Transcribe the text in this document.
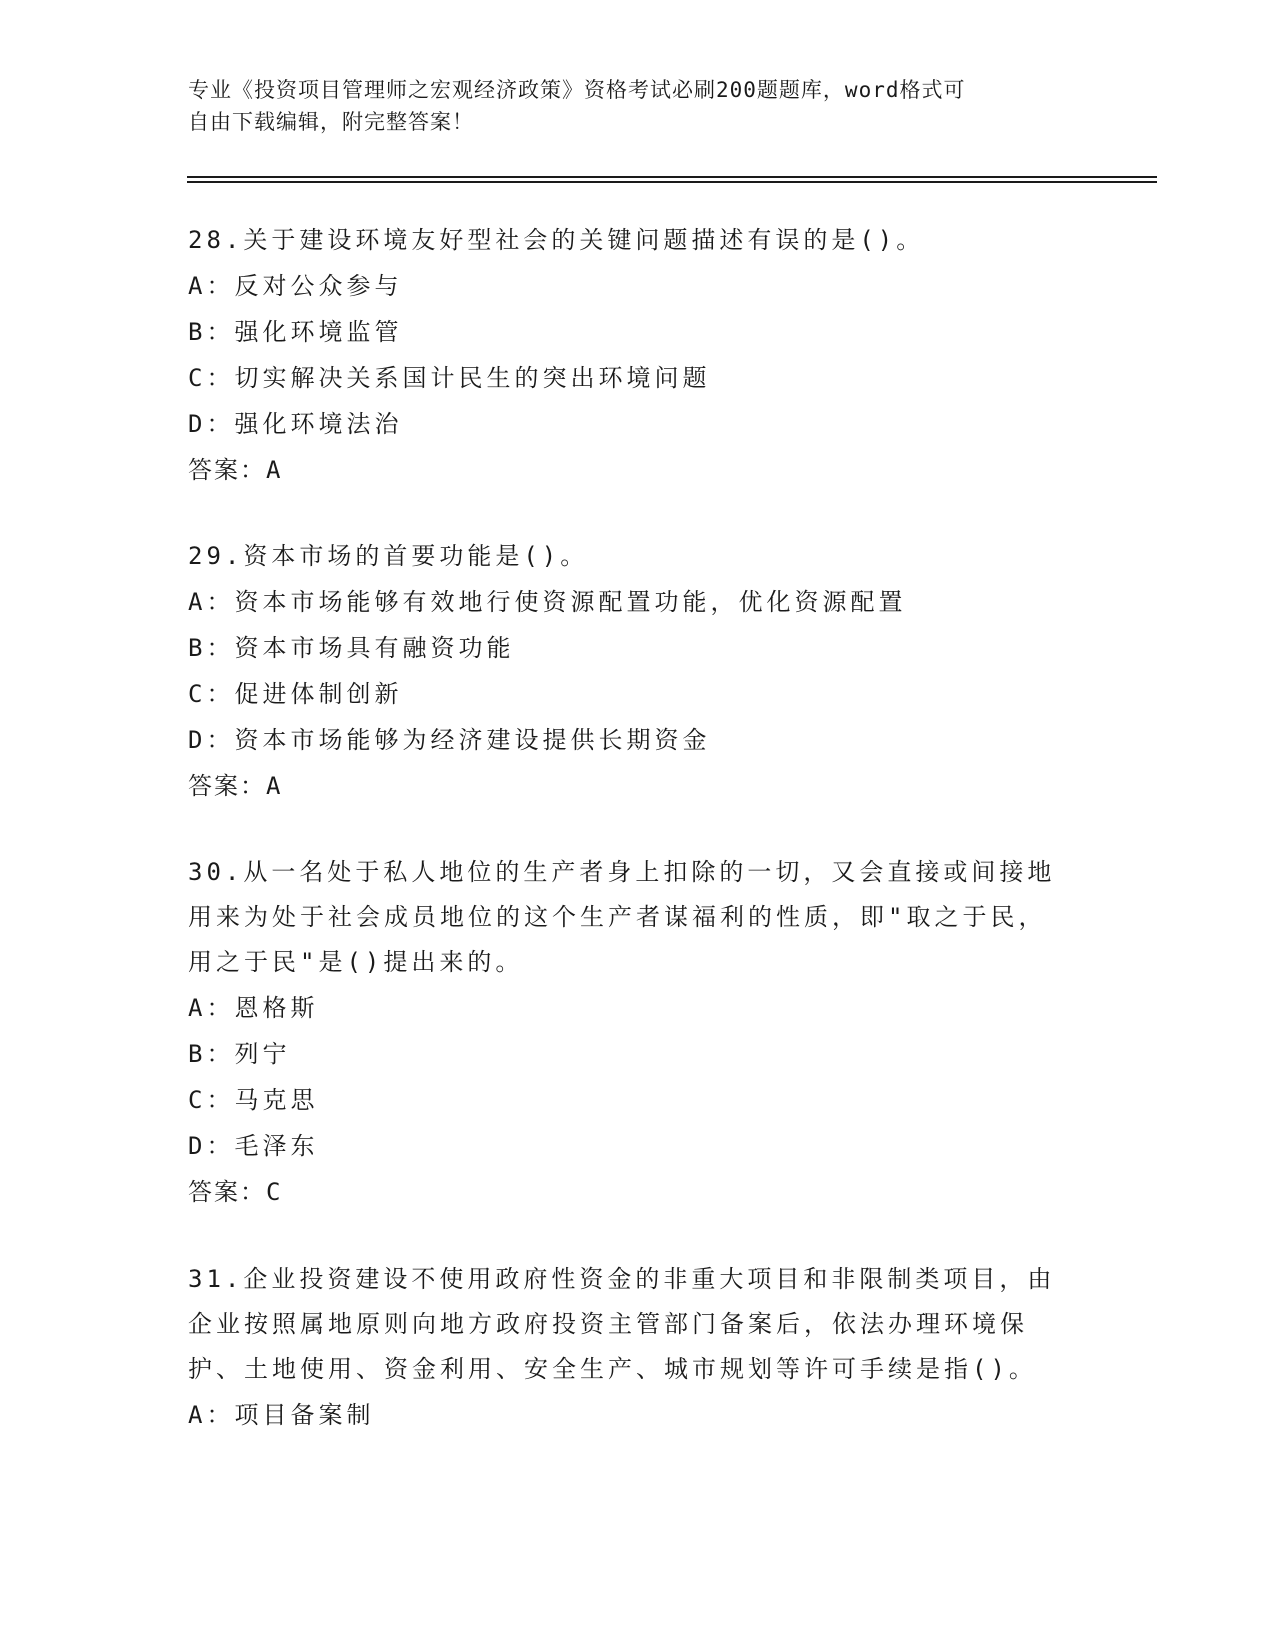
专业《投资项目管理师之宏观经济政策》资格考试必刷200题题库，word格式可
自由下载编辑，附完整答案！
28.关于建设环境友好型社会的关键问题描述有误的是()。
A：反对公众参与
B：强化环境监管
C：切实解决关系国计民生的突出环境问题
D：强化环境法治
答案：A
29.资本市场的首要功能是()。
A：资本市场能够有效地行使资源配置功能，优化资源配置
B：资本市场具有融资功能
C：促进体制创新
D：资本市场能够为经济建设提供长期资金
答案：A
30.从一名处于私人地位的生产者身上扣除的一切，又会直接或间接地
用来为处于社会成员地位的这个生产者谋福利的性质，即"取之于民，
用之于民"是()提出来的。
A：恩格斯
B：列宁
C：马克思
D：毛泽东
答案：C
31.企业投资建设不使用政府性资金的非重大项目和非限制类项目，由
企业按照属地原则向地方政府投资主管部门备案后，依法办理环境保
护、土地使用、资金利用、安全生产、城市规划等许可手续是指()。
A：项目备案制
